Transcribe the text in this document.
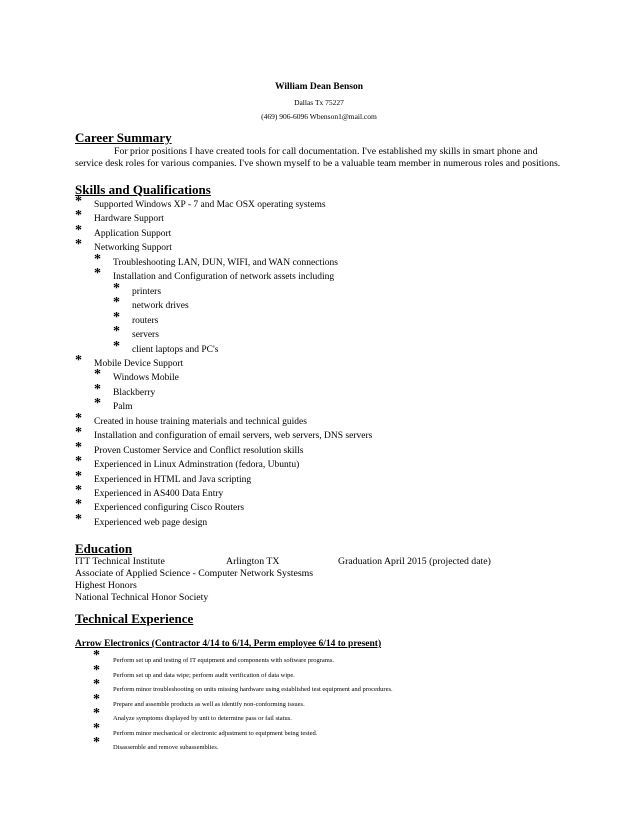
William Dean Benson
Dallas Tx 75227
(469) 906-6096 Wbenson1@mail.com
Career Summary
For prior positions I have created tools for call documentation. I've established my skills in smart phone and service desk roles for various companies. I've shown myself to be a valuable team member in numerous roles and positions.
Skills and Qualifications
* Supported Windows XP - 7 and Mac OSX operating systems
* Hardware Support
* Application Support
* Networking Support
* Troubleshooting LAN, DUN, WIFI, and WAN connections
* Installation and Configuration of network assets including
* printers
* network drives
* routers
* servers
* client laptops and PC's
* Mobile Device Support
* Windows Mobile
* Blackberry
* Palm
* Created in house training materials and technical guides
* Installation and configuration of email servers, web servers, DNS servers
* Proven Customer Service and Conflict resolution skills
* Experienced in Linux Adminstration (fedora, Ubuntu)
* Experienced in HTML and Java scripting
* Experienced in AS400 Data Entry
* Experienced configuring Cisco Routers
* Experienced web page design
Education
ITT Technical Institute	Arlington TX	Graduation April 2015 (projected date)
Associate of Applied Science - Computer Network Systesms
Highest Honors
National Technical Honor Society
Technical Experience
Arrow Electronics (Contractor 4/14 to 6/14, Perm employee 6/14 to present)
* Perform set up and testing of IT equipment and components with software programs.
* Perform set up and data wipe; perform audit verification of data wipe.
* Perform minor troubleshooting on units missing hardware using established test equipment and procedures.
* Prepare and assemble products as well as identify non-conforming issues.
* Analyze symptoms displayed by unit to determine pass or fail status.
* Perform minor mechanical or electronic adjustment to equipment being tested.
* Disassemble and remove subassemblies.
